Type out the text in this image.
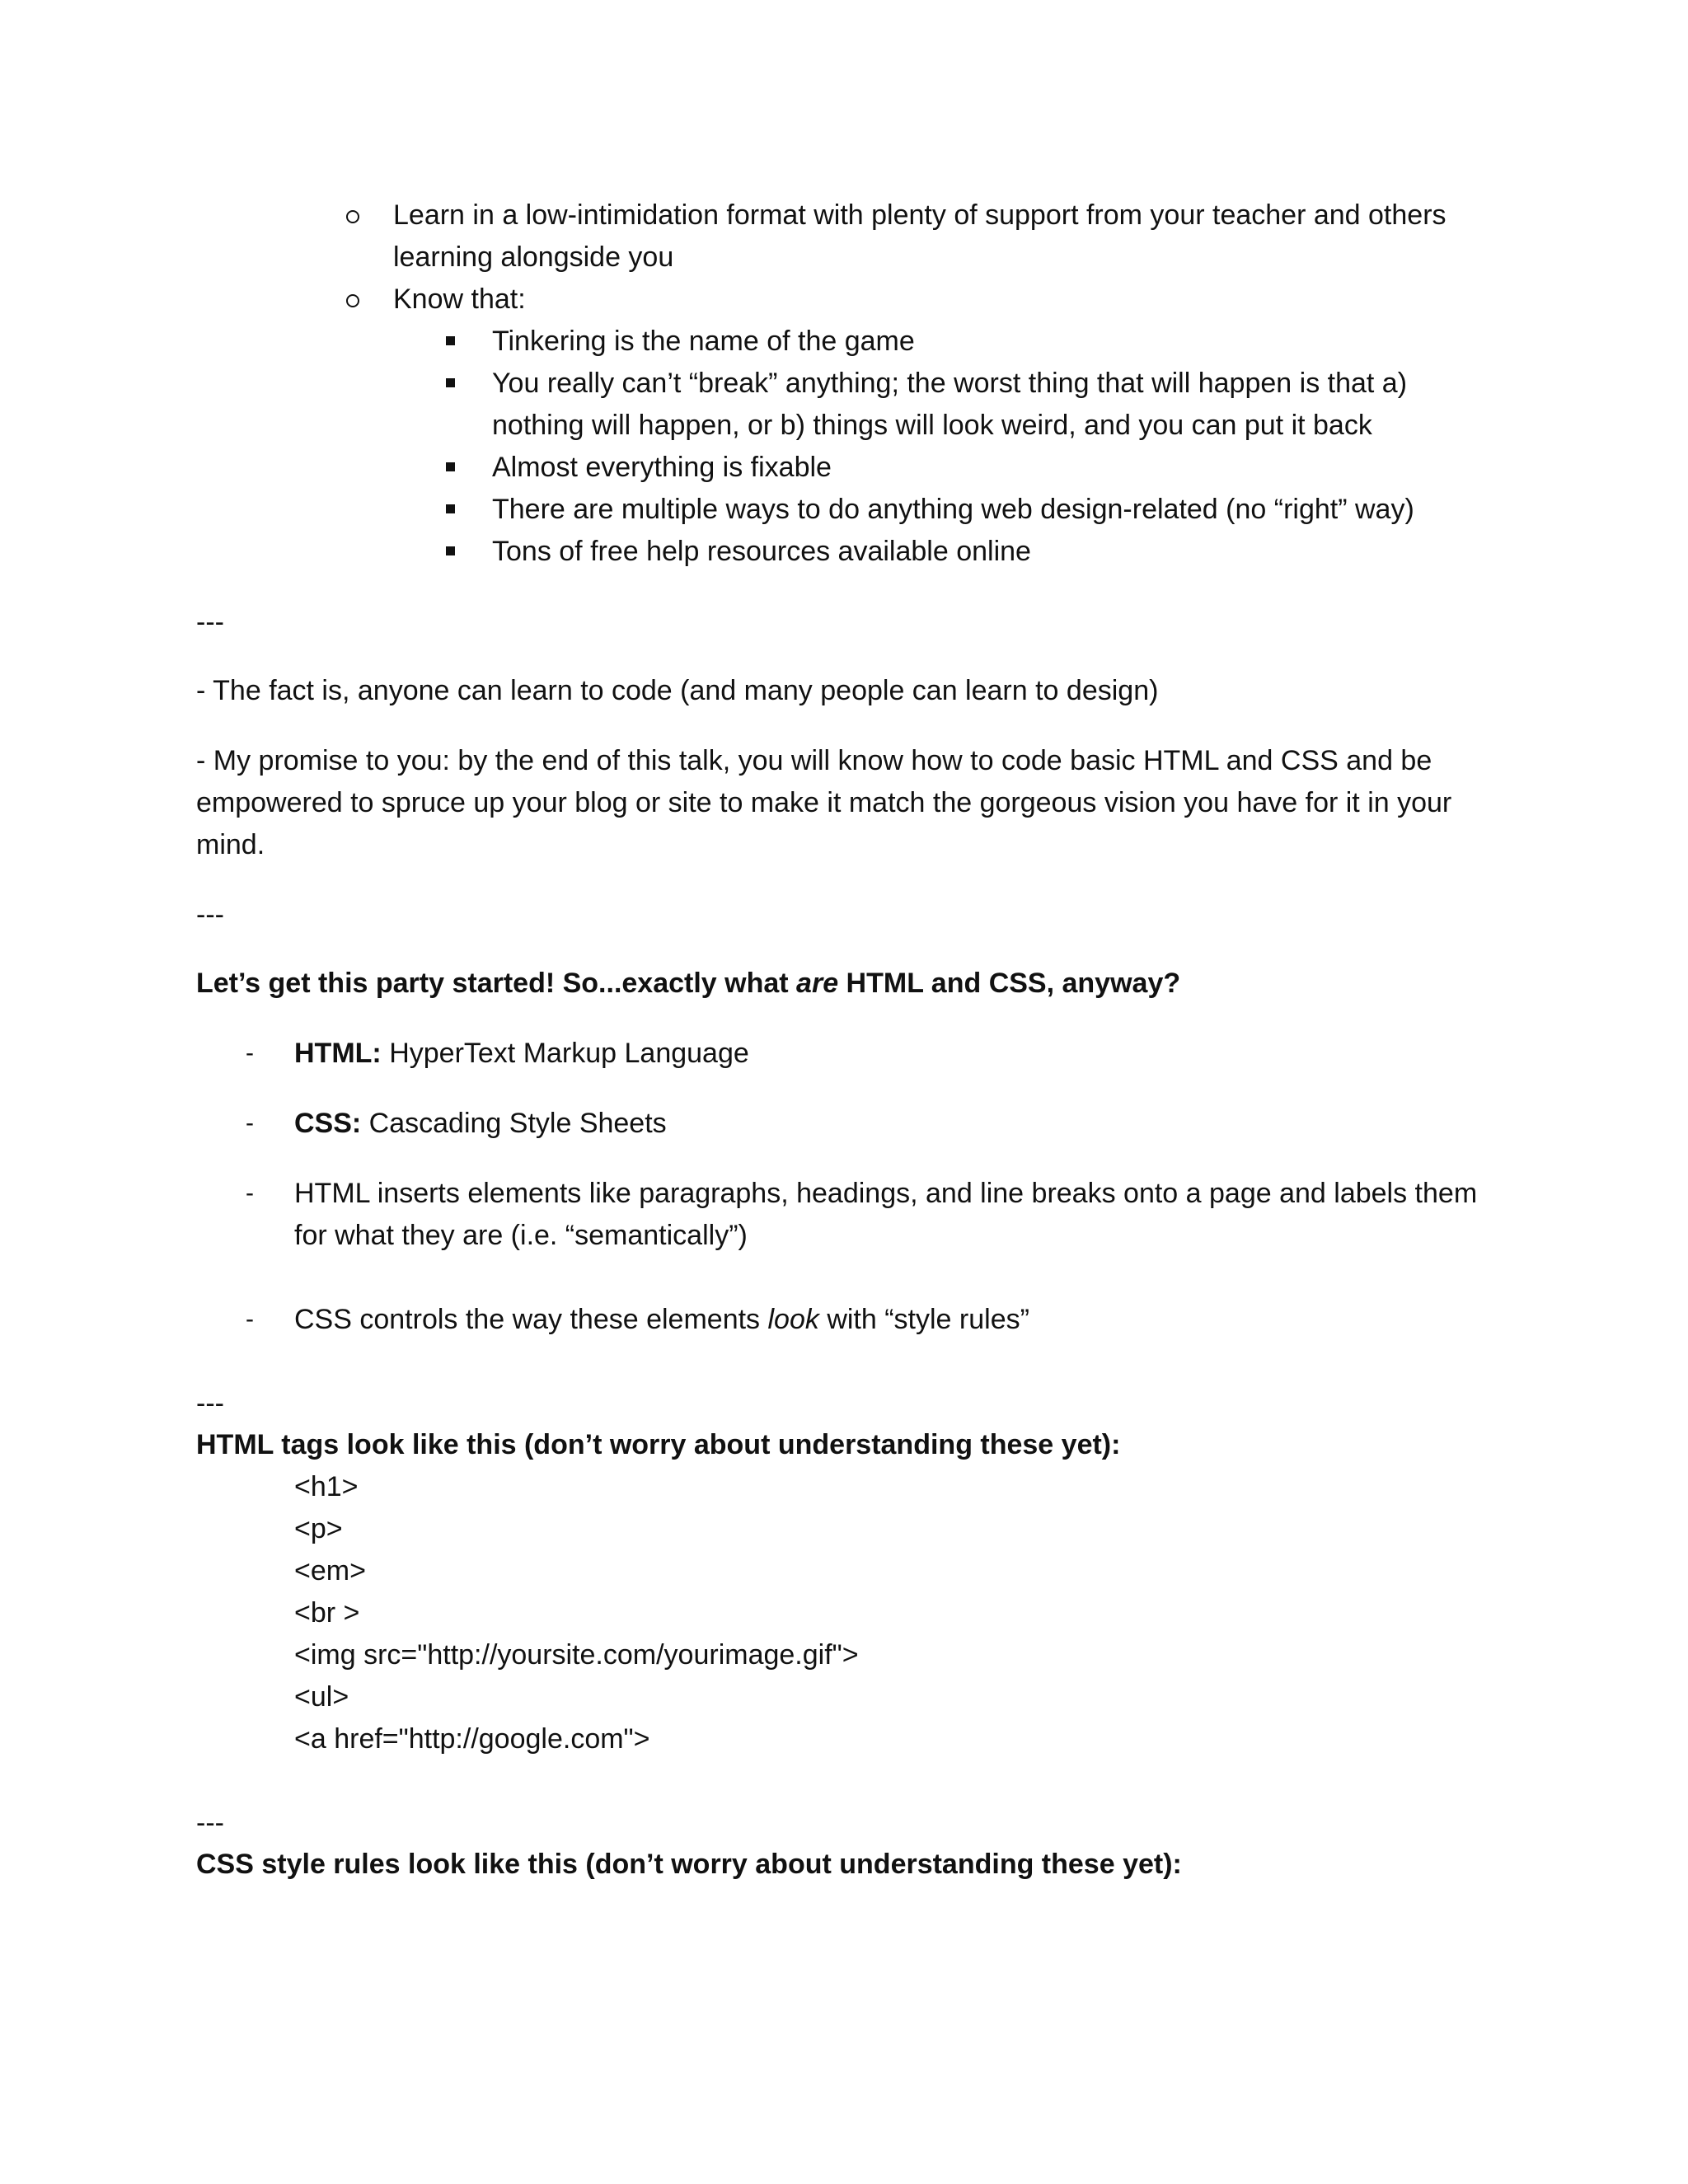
Learn in a low-intimidation format with plenty of support from your teacher and others
learning alongside you
Know that:
Tinkering is the name of the game
You really can’t “break” anything; the worst thing that will happen is that a)
nothing will happen, or b) things will look weird, and you can put it back
Almost everything is fixable
There are multiple ways to do anything web design-related (no “right” way)
Tons of free help resources available online
---
- The fact is, anyone can learn to code (and many people can learn to design)
- My promise to you: by the end of this talk, you will know how to code basic HTML and CSS and be
empowered to spruce up your blog or site to make it match the gorgeous vision you have for it in your
mind.
---
Let’s get this party started! So...exactly what are HTML and CSS, anyway?
- HTML: HyperText Markup Language
- CSS: Cascading Style Sheets
- HTML inserts elements like paragraphs, headings, and line breaks onto a page and labels them
for what they are (i.e. “semantically”)
- CSS controls the way these elements look with “style rules”
---
HTML tags look like this (don’t worry about understanding these yet):
<h1>
<p>
<em>
<br >
<img src="http://yoursite.com/yourimage.gif">
<ul>
<a href="http://google.com">
---
CSS style rules look like this (don’t worry about understanding these yet):
